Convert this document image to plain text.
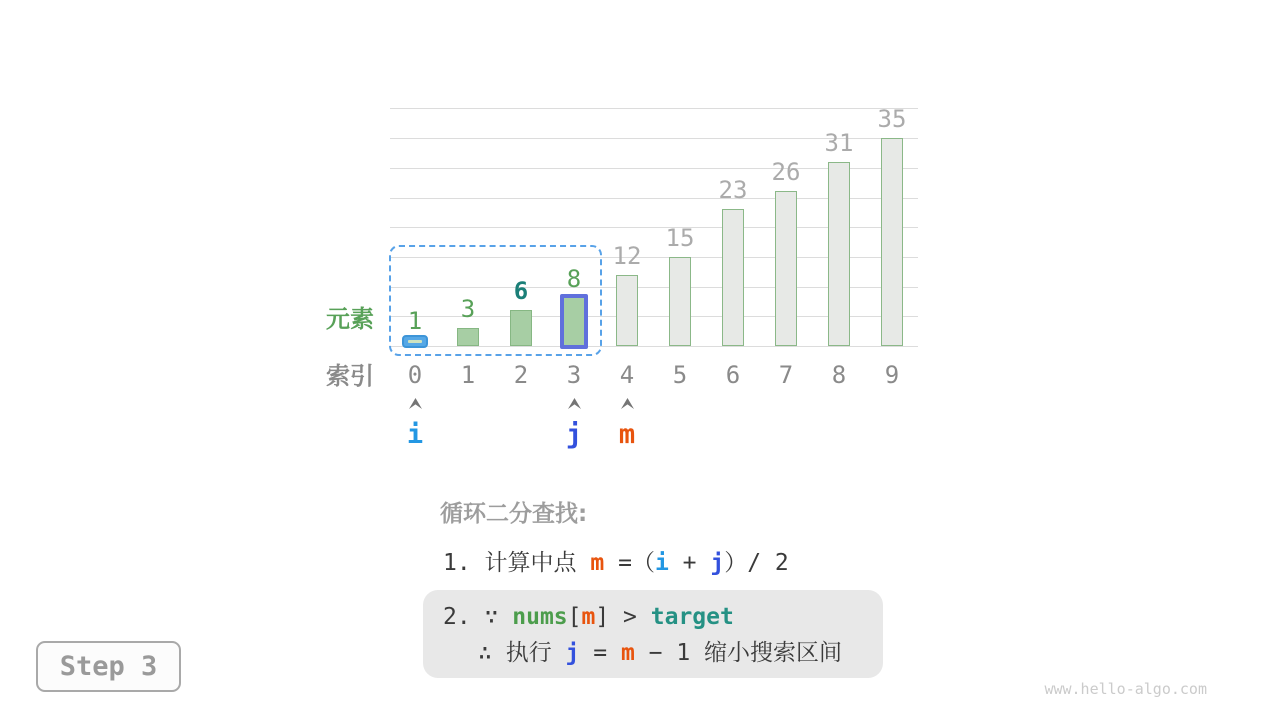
1
0
3
1
6
2
8
3
12
4
15
5
23
6
26
7
31
8
35
9
元素
索引
i	j	m
循环二分查找:
1. 计算中点 m =（i + j）/ 2
2. ∵ nums[m] > target
∴ 执行 j = m − 1 缩小搜索区间
Step 3
www.hello-algo.com
